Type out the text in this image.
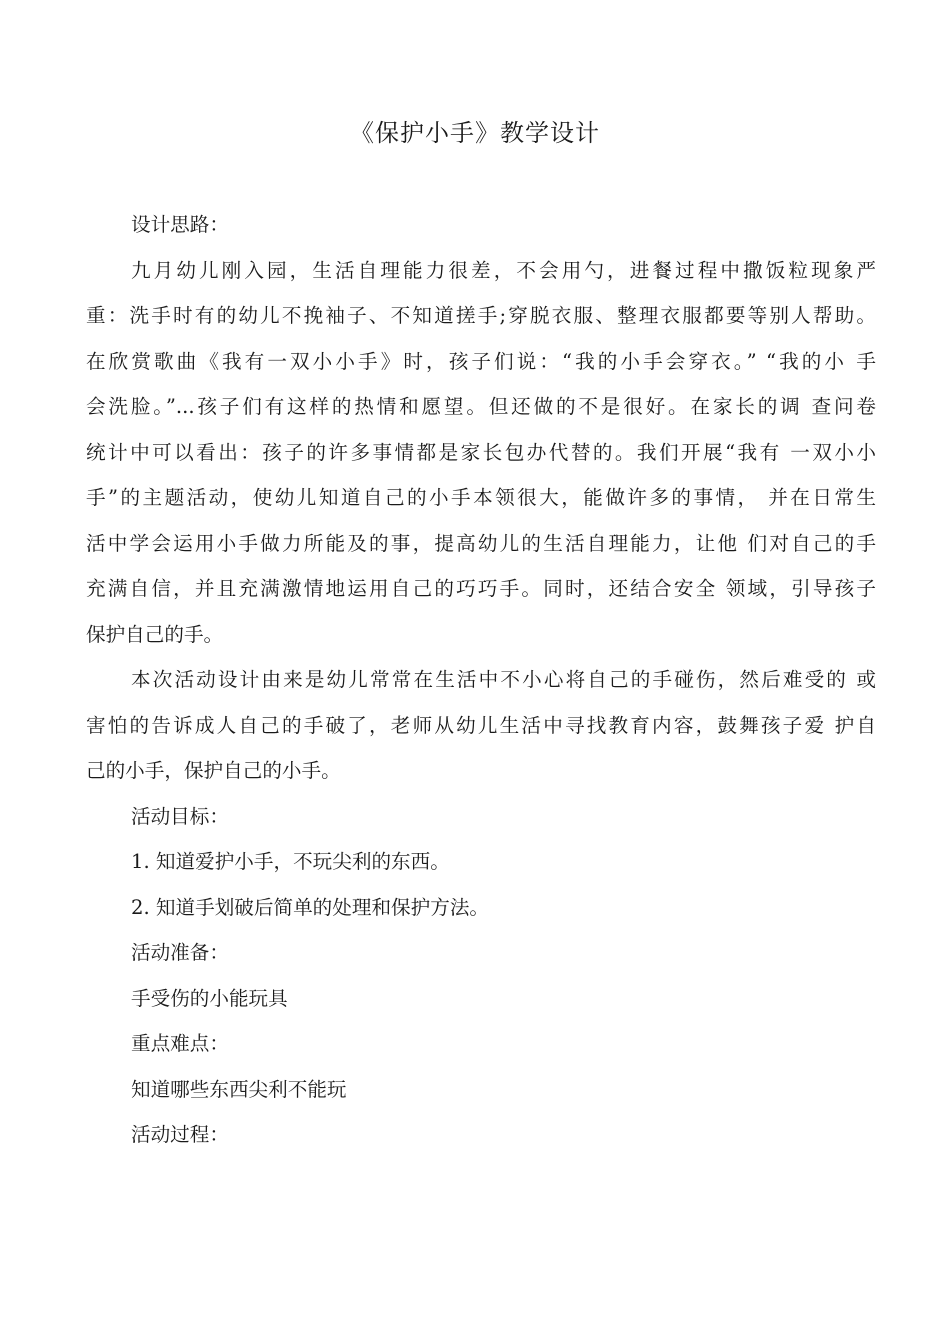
《保护小手》教学设计
设计思路：
九月幼儿刚入园，生活自理能力很差，不会用勺，进餐过程中撒饭粒现象严
重：洗手时有的幼儿不挽袖子、不知道搓手;穿脱衣服、整理衣服都要等别人帮助。
在欣赏歌曲《我有一双小小手》时，孩子们说：“我的小手会穿衣。” “我的小 手
会洗脸。”...孩子们有这样的热情和愿望。但还做的不是很好。在家长的调 查问卷
统计中可以看出：孩子的许多事情都是家长包办代替的。我们开展“我有 一双小小
手”的主题活动，使幼儿知道自己的小手本领很大，能做许多的事情， 并在日常生
活中学会运用小手做力所能及的事，提高幼儿的生活自理能力，让他 们对自己的手
充满自信，并且充满激情地运用自己的巧巧手。同时，还结合安全 领域，引导孩子
保护自己的手。
本次活动设计由来是幼儿常常在生活中不小心将自己的手碰伤，然后难受的 或
害怕的告诉成人自己的手破了，老师从幼儿生活中寻找教育内容，鼓舞孩子爱 护自
己的小手，保护自己的小手。
活动目标：
1. 知道爱护小手，不玩尖利的东西。
2. 知道手划破后简单的处理和保护方法。
活动准备：
手受伤的小能玩具
重点难点：
知道哪些东西尖利不能玩
活动过程：
